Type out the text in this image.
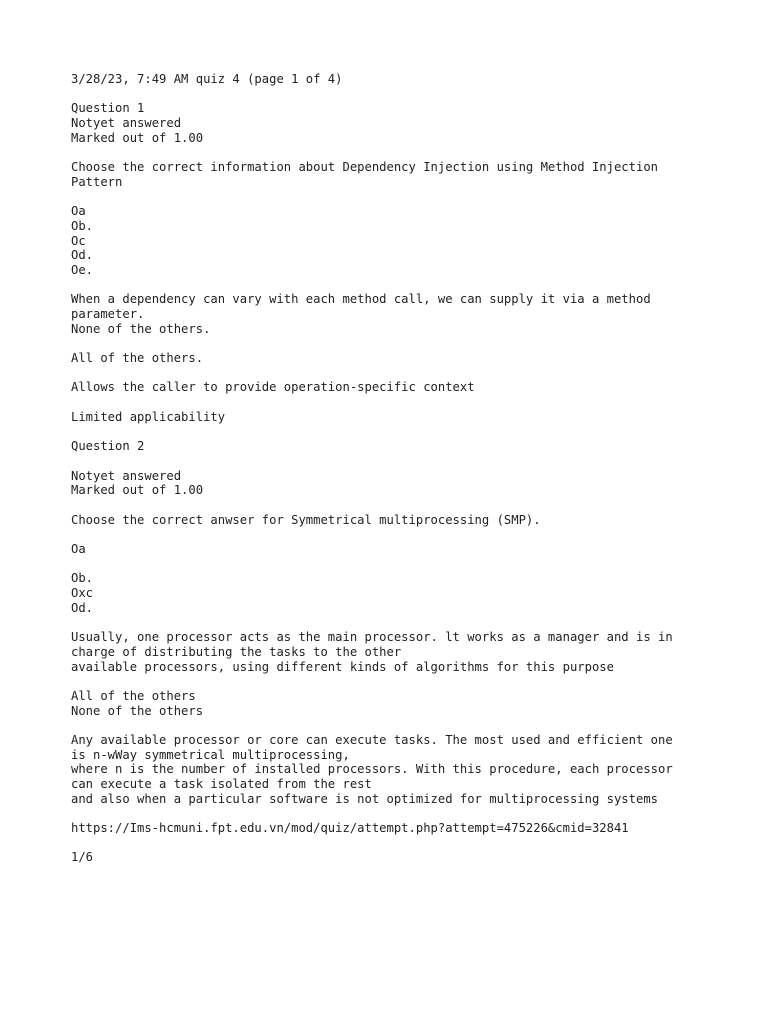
3/28/23, 7:49 AM quiz 4 (page 1 of 4)
Question 1
Notyet answered
Marked out of 1.00
Choose the correct information about Dependency Injection using Method Injection
Pattern
Oa
Ob.
Oc
Od.
Oe.
When a dependency can vary with each method call, we can supply it via a method
parameter.
None of the others.
All of the others.
Allows the caller to provide operation-specific context
Limited applicability
Question 2
Notyet answered
Marked out of 1.00
Choose the correct anwser for Symmetrical multiprocessing (SMP).
Oa
Ob.
Oxc
Od.
Usually, one processor acts as the main processor. lt works as a manager and is in
charge of distributing the tasks to the other
available processors, using different kinds of algorithms for this purpose
All of the others
None of the others
Any available processor or core can execute tasks. The most used and efficient one
is n-wWay symmetrical multiprocessing,
where n is the number of installed processors. With this procedure, each processor
can execute a task isolated from the rest
and also when a particular software is not optimized for multiprocessing systems
https://Ims-hcmuni.fpt.edu.vn/mod/quiz/attempt.php?attempt=475226&cmid=32841
1/6
